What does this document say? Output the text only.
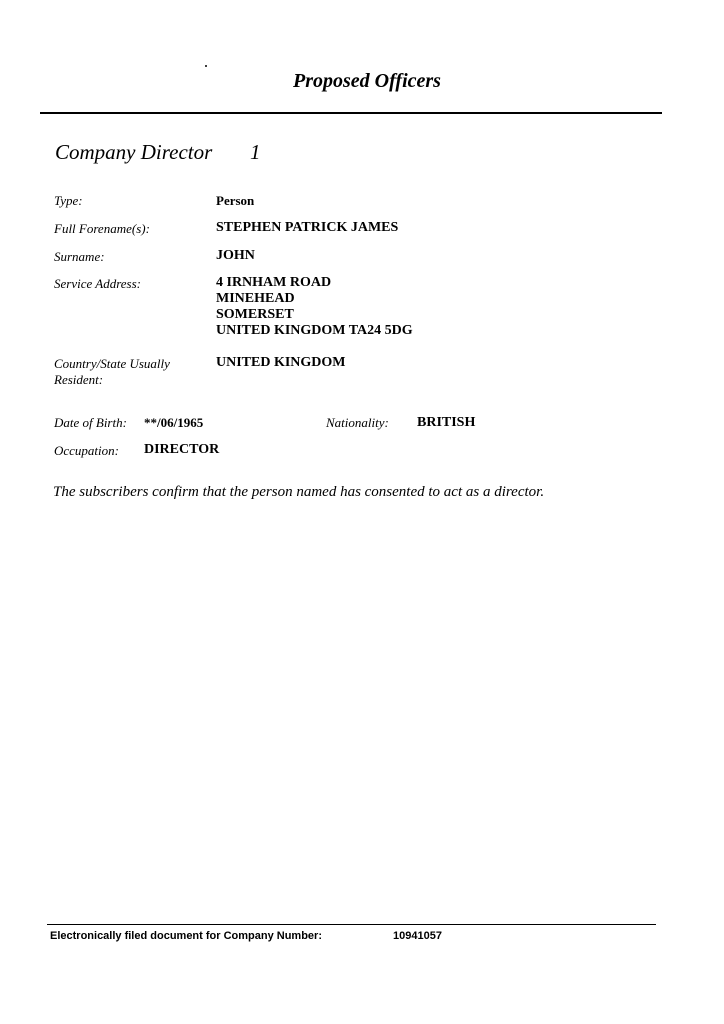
Proposed Officers
Company Director 1
Type:	Person
Full Forename(s):	STEPHEN PATRICK JAMES
Surname:	JOHN
Service Address:	4 IRNHAM ROAD
MINEHEAD
SOMERSET
UNITED KINGDOM TA24 5DG
Country/State Usually
Resident:
UNITED KINGDOM
Date of Birth: **/06/1965	Nationality: BRITISH
Occupation: DIRECTOR
The subscribers confirm that the person named has consented to act as a director.
Electronically filed document for Company Number:	10941057
